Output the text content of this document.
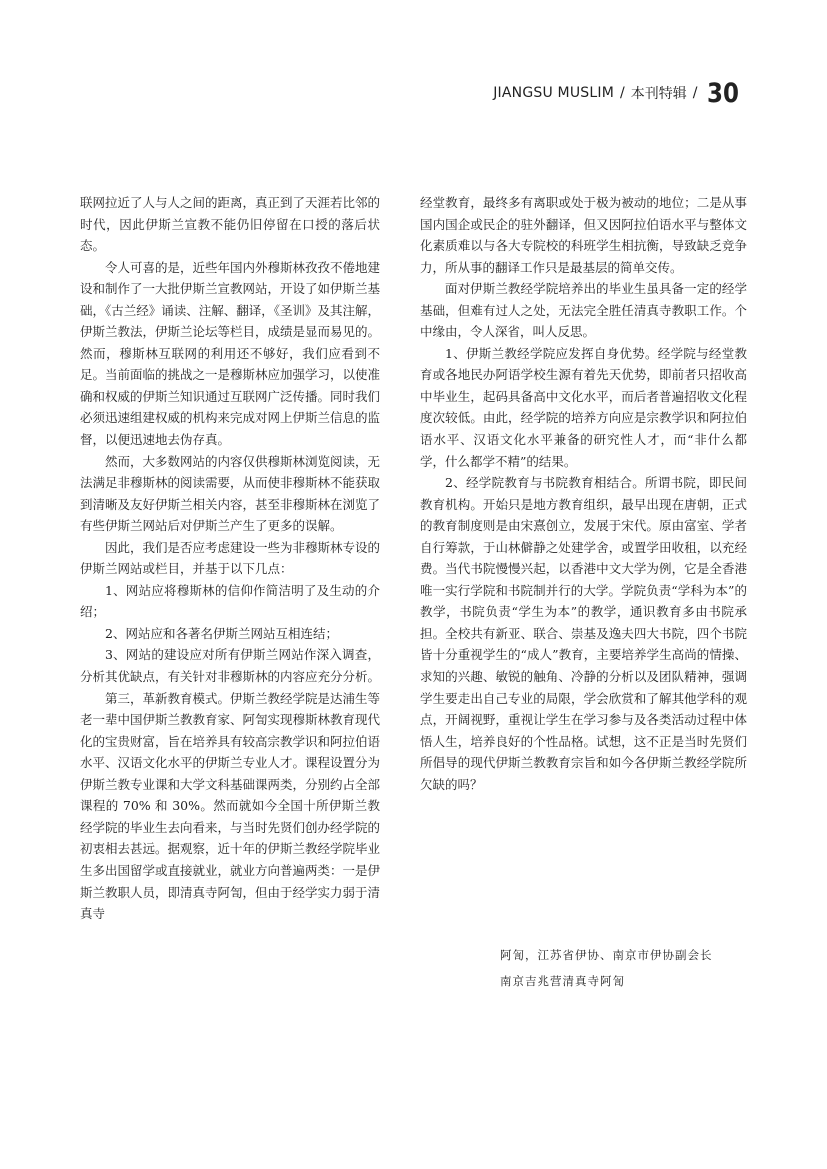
JIANGSU MUSLIM / 本刊特辑 / 30

联网拉近了人与人之间的距离，真正到了天涯若比邻的时代，因此伊斯兰宣教不能仍旧停留在口授的落后状态。

令人可喜的是，近些年国内外穆斯林孜孜不倦地建设和制作了一大批伊斯兰宣教网站，开设了如伊斯兰基础，《古兰经》诵读、注解、翻译，《圣训》及其注解，伊斯兰教法，伊斯兰论坛等栏目，成绩是显而易见的。然而，穆斯林互联网的利用还不够好，我们应看到不足。当前面临的挑战之一是穆斯林应加强学习，以使准确和权威的伊斯兰知识通过互联网广泛传播。同时我们必须迅速组建权威的机构来完成对网上伊斯兰信息的监督，以便迅速地去伪存真。

然而，大多数网站的内容仅供穆斯林浏览阅读，无法满足非穆斯林的阅读需要，从而使非穆斯林不能获取到清晰及友好伊斯兰相关内容，甚至非穆斯林在浏览了有些伊斯兰网站后对伊斯兰产生了更多的误解。

因此，我们是否应考虑建设一些为非穆斯林专设的伊斯兰网站或栏目，并基于以下几点：

1、网站应将穆斯林的信仰作简洁明了及生动的介绍；

2、网站应和各著名伊斯兰网站互相连结；

3、网站的建设应对所有伊斯兰网站作深入调查，分析其优缺点，有关针对非穆斯林的内容应充分分析。

第三，革新教育模式。伊斯兰教经学院是达浦生等老一辈中国伊斯兰教教育家、阿訇实现穆斯林教育现代化的宝贵财富，旨在培养具有较高宗教学识和阿拉伯语水平、汉语文化水平的伊斯兰专业人才。课程设置分为伊斯兰教专业课和大学文科基础课两类，分别约占全部课程的 70% 和 30%。然而就如今全国十所伊斯兰教经学院的毕业生去向看来，与当时先贤们创办经学院的初衷相去甚远。据观察，近十年的伊斯兰教经学院毕业生多出国留学或直接就业，就业方向普遍两类：一是伊斯兰教职人员，即清真寺阿訇，但由于经学实力弱于清真寺

经堂教育，最终多有离职或处于极为被动的地位；二是从事国内国企或民企的驻外翻译，但又因阿拉伯语水平与整体文化素质难以与各大专院校的科班学生相抗衡，导致缺乏竞争力，所从事的翻译工作只是最基层的简单交传。

面对伊斯兰教经学院培养出的毕业生虽具备一定的经学基础，但难有过人之处，无法完全胜任清真寺教职工作。个中缘由，令人深省，叫人反思。

1、伊斯兰教经学院应发挥自身优势。经学院与经堂教育或各地民办阿语学校生源有着先天优势，即前者只招收高中毕业生，起码具备高中文化水平，而后者普遍招收文化程度次较低。由此，经学院的培养方向应是宗教学识和阿拉伯语水平、汉语文化水平兼备的研究性人才，而“非什么都学，什么都学不精”的结果。

2、经学院教育与书院教育相结合。所谓书院，即民间教育机构。开始只是地方教育组织，最早出现在唐朝，正式的教育制度则是由宋熹创立，发展于宋代。原由富室、学者自行筹款，于山林僻静之处建学舍，或置学田收租，以充经费。当代书院慢慢兴起，以香港中文大学为例，它是全香港唯一实行学院和书院制并行的大学。学院负责“学科为本”的教学，书院负责“学生为本”的教学，通识教育多由书院承担。全校共有新亚、联合、崇基及逸夫四大书院，四个书院皆十分重视学生的“成人”教育，主要培养学生高尚的情操、求知的兴趣、敏锐的触角、冷静的分析以及团队精神，强调学生要走出自己专业的局限，学会欣赏和了解其他学科的观点，开阔视野，重视让学生在学习参与及各类活动过程中体悟人生，培养良好的个性品格。试想，这不正是当时先贤们所倡导的现代伊斯兰教教育宗旨和如今各伊斯兰教经学院所欠缺的吗？

阿訇，江苏省伊协、南京市伊协副会长
南京吉兆营清真寺阿訇
